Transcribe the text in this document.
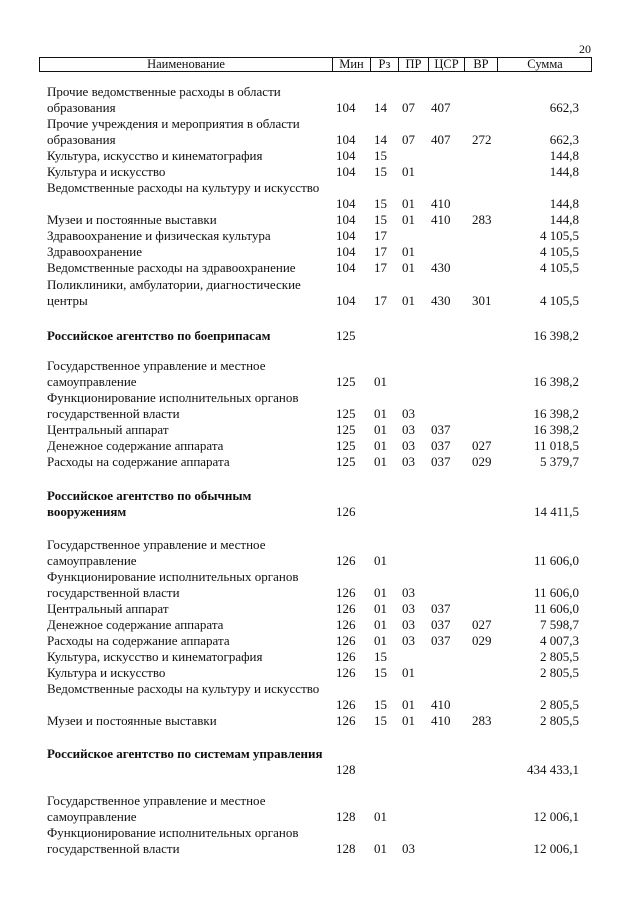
20
Наименование	Мин	Рз	ПР	ЦСР	ВР	Сумма
Прочие ведомственные расходы в области образования	104 14 07 407	662,3
Прочие учреждения и мероприятия в области образования	104 14 07 407 272	662,3
Культура, искусство и кинематография	104 15	144,8
Культура и искусство	104 15 01	144,8
Ведомственные расходы на культуру и искусство
104 15 01 410	144,8
Музеи и постоянные выставки	104 15 01 410 283	144,8
Здравоохранение и физическая культура	104 17	4 105,5
Здравоохранение	104 17 01	4 105,5
Ведомственные расходы на здравоохранение	104 17 01 430	4 105,5
Поликлиники, амбулатории, диагностические центры	104 17 01 430 301	4 105,5
Российское агентство по боеприпасам	125	16 398,2
Государственное управление и местное самоуправление	125 01	16 398,2
Функционирование исполнительных органов государственной власти	125 01 03	16 398,2
Центральный аппарат	125 01 03 037	16 398,2
Денежное содержание аппарата	125 01 03 037 027	11 018,5
Расходы на содержание аппарата	125 01 03 037 029	5 379,7
Российское агентство по обычным вооружениям	126	14 411,5
Государственное управление и местное самоуправление	126 01	11 606,0
Функционирование исполнительных органов государственной власти	126 01 03	11 606,0
Центральный аппарат	126 01 03 037	11 606,0
Денежное содержание аппарата	126 01 03 037 027	7 598,7
Расходы на содержание аппарата	126 01 03 037 029	4 007,3
Культура, искусство и кинематография	126 15	2 805,5
Культура и искусство	126 15 01	2 805,5
Ведомственные расходы на культуру и искусство
126 15 01 410	2 805,5
Музеи и постоянные выставки	126 15 01 410 283	2 805,5
Российское агентство по системам управления
128	434 433,1
Государственное управление и местное самоуправление	128 01	12 006,1
Функционирование исполнительных органов государственной власти	128 01 03	12 006,1
